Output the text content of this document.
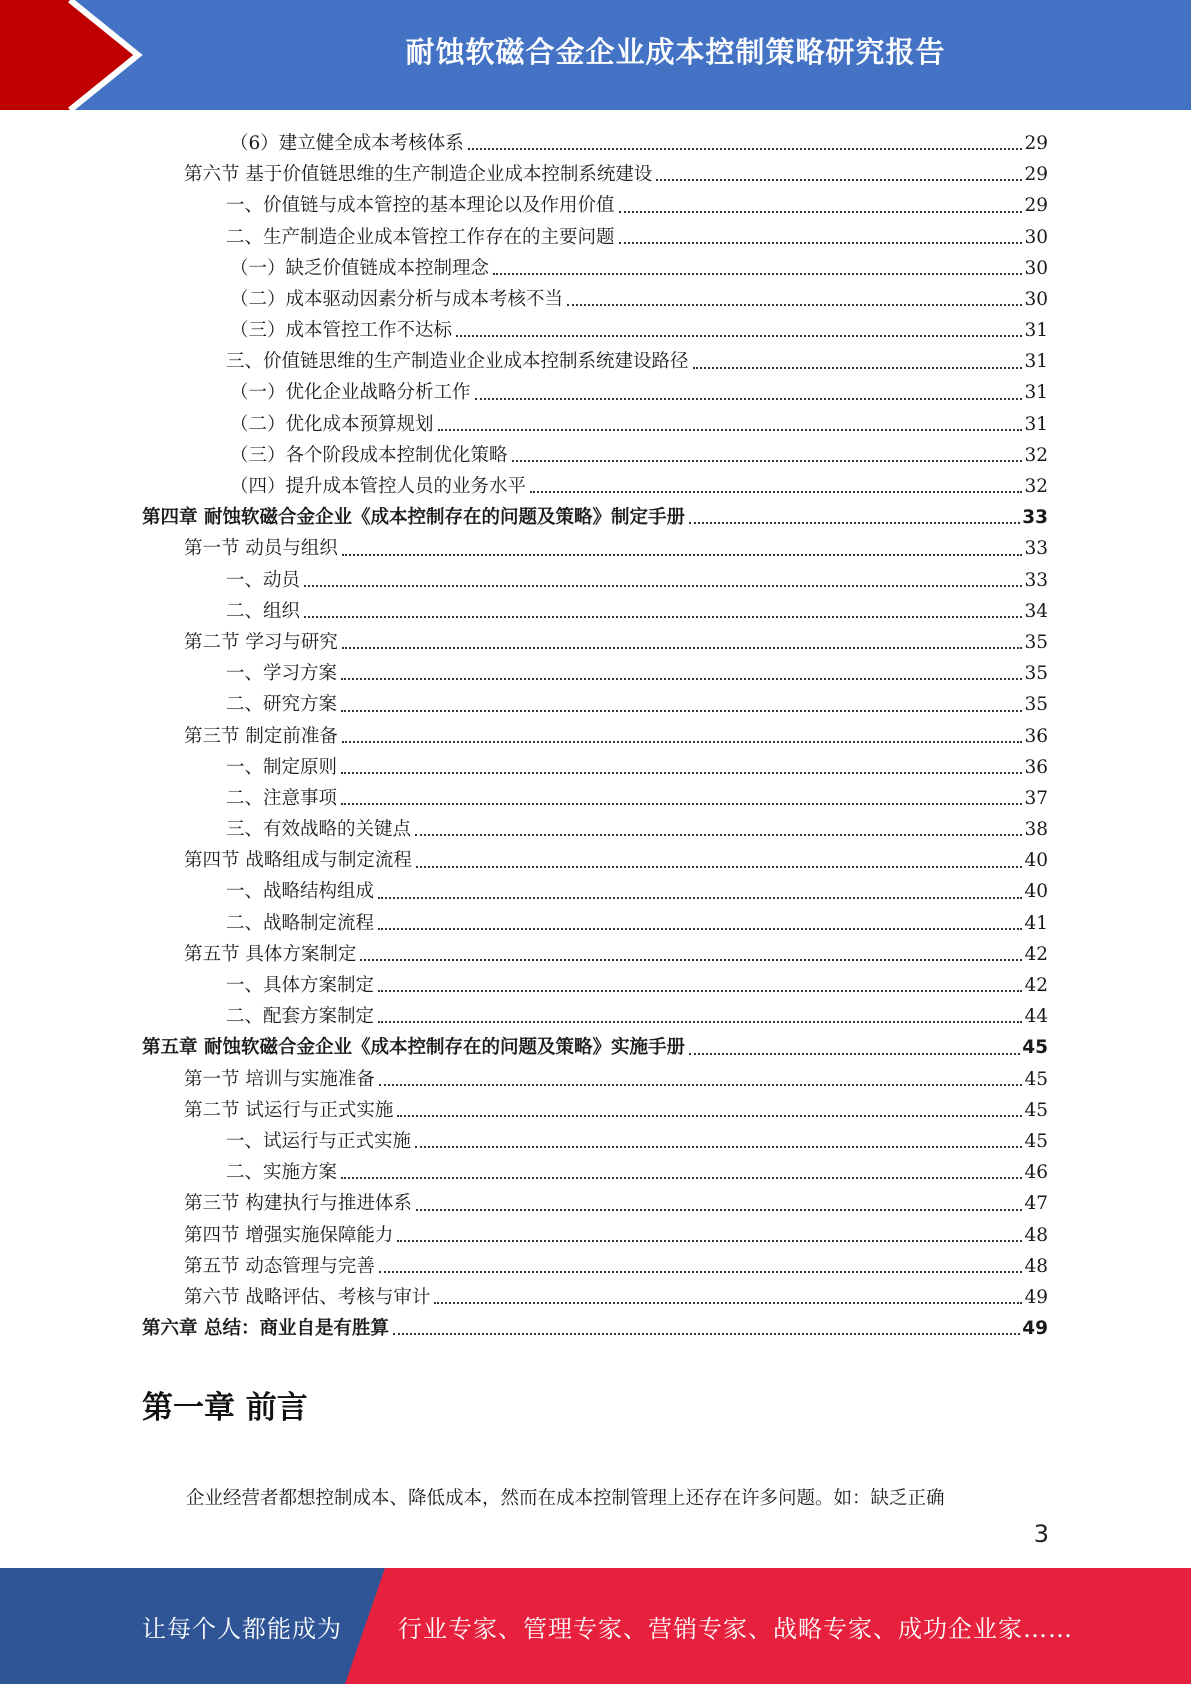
耐蚀软磁合金企业成本控制策略研究报告
（6）建立健全成本考核体系	29
第六节 基于价值链思维的生产制造企业成本控制系统建设	29
一、价值链与成本管控的基本理论以及作用价值	29
二、生产制造企业成本管控工作存在的主要问题	30
（一）缺乏价值链成本控制理念	30
（二）成本驱动因素分析与成本考核不当	30
（三）成本管控工作不达标	31
三、价值链思维的生产制造业企业成本控制系统建设路径	31
（一）优化企业战略分析工作	31
（二）优化成本预算规划	31
（三）各个阶段成本控制优化策略	32
（四）提升成本管控人员的业务水平	32
第四章 耐蚀软磁合金企业《成本控制存在的问题及策略》制定手册	33
第一节 动员与组织	33
一、动员	33
二、组织	34
第二节 学习与研究	35
一、学习方案	35
二、研究方案	35
第三节 制定前准备	36
一、制定原则	36
二、注意事项	37
三、有效战略的关键点	38
第四节 战略组成与制定流程	40
一、战略结构组成	40
二、战略制定流程	41
第五节 具体方案制定	42
一、具体方案制定	42
二、配套方案制定	44
第五章 耐蚀软磁合金企业《成本控制存在的问题及策略》实施手册	45
第一节 培训与实施准备	45
第二节 试运行与正式实施	45
一、试运行与正式实施	45
二、实施方案	46
第三节 构建执行与推进体系	47
第四节 增强实施保障能力	48
第五节 动态管理与完善	48
第六节 战略评估、考核与审计	49
第六章 总结：商业自是有胜算	49
第一章 前言
企业经营者都想控制成本、降低成本，然而在成本控制管理上还存在许多问题。如：缺乏正确
3
让每个人都能成为 行业专家、管理专家、营销专家、战略专家、成功企业家……
